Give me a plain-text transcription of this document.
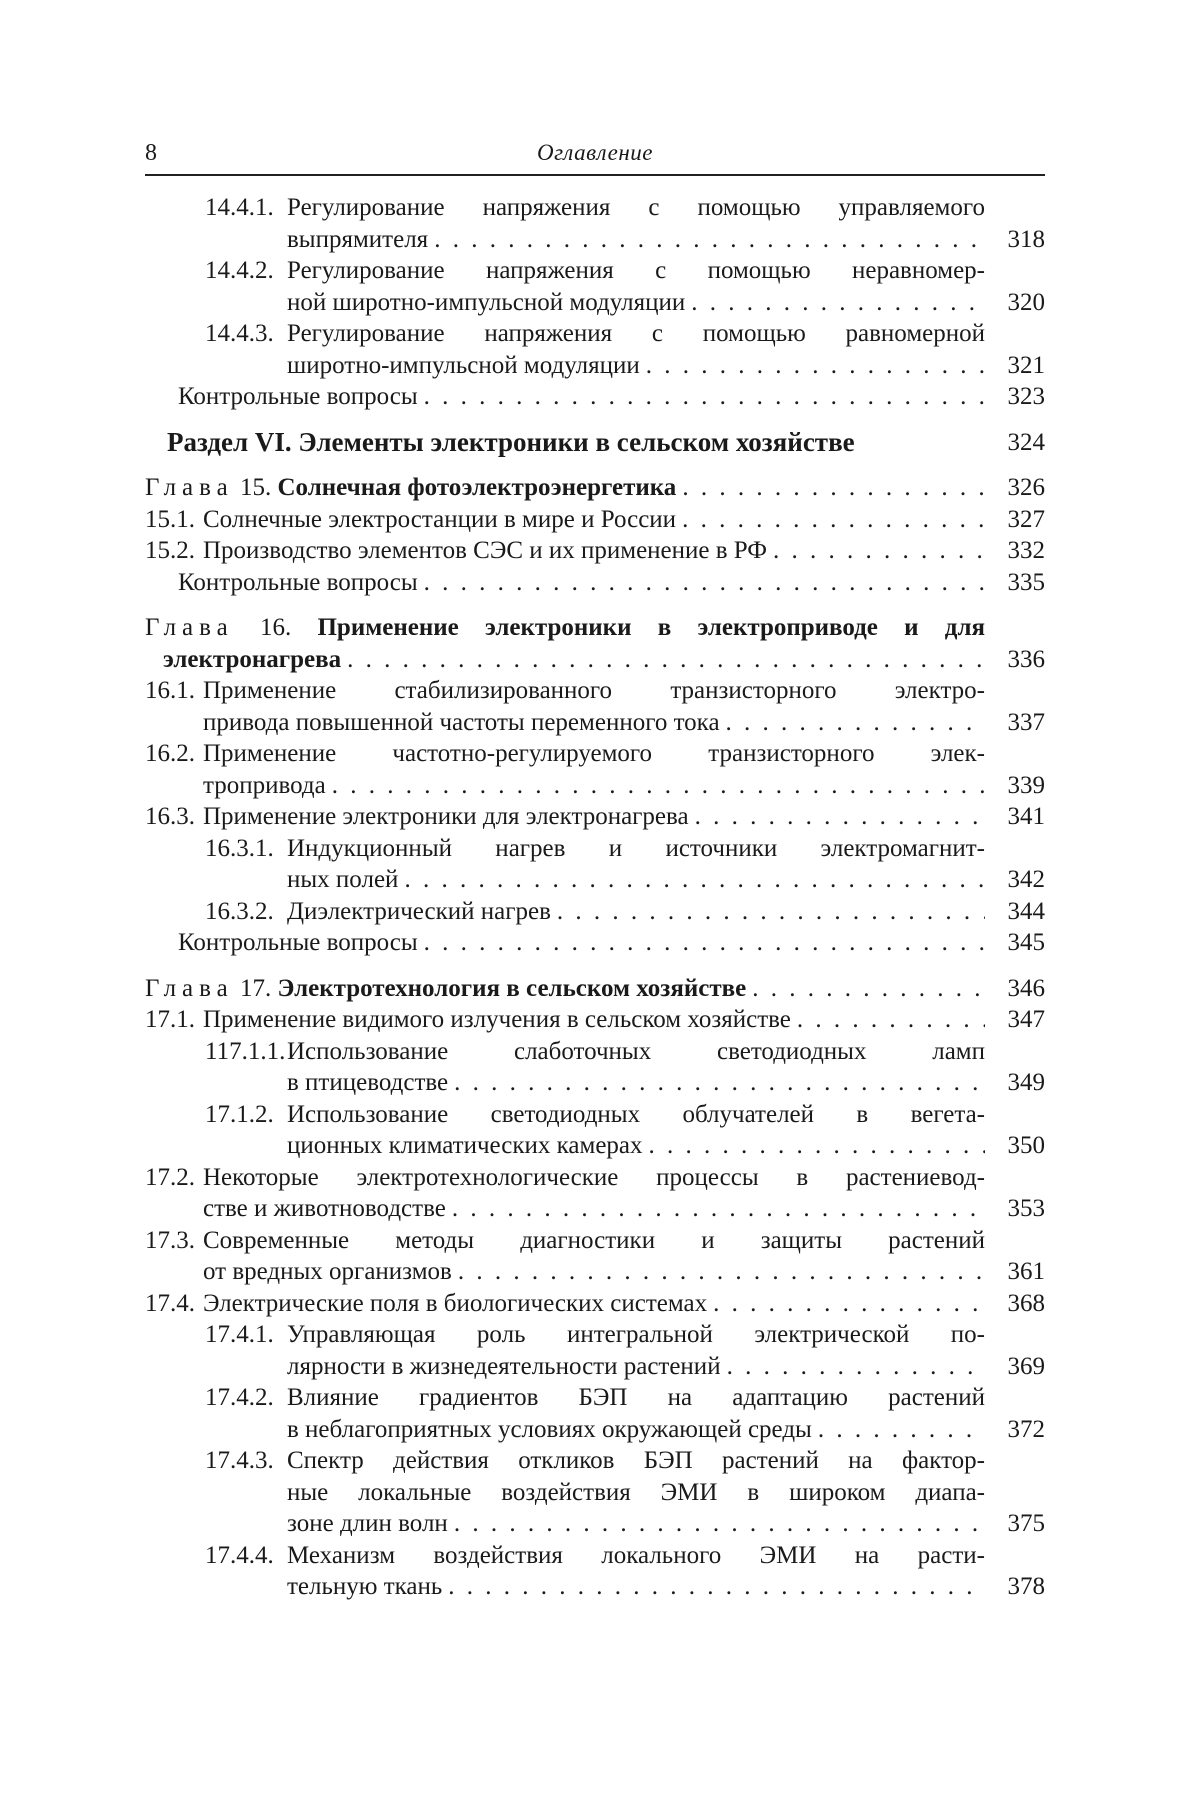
8	Оглавление
14.4.1. Регулирование напряжения с помощью управляемого
выпрямителя . . .	318
14.4.2. Регулирование напряжения с помощью неравномер-
ной широтно-импульсной модуляции . . .	320
14.4.3. Регулирование напряжения с помощью равномерной
широтно-импульсной модуляции . . .	321
Контрольные вопросы . . .	323
Раздел VI. Элементы электроники в сельском хозяйстве	324
Глава 15. Солнечная фотоэлектроэнергетика . . .	326
15.1. Солнечные электростанции в мире и России . . .	327
15.2. Производство элементов СЭС и их применение в РФ . . .	332
Контрольные вопросы . . .	335
Глава 16. Применение электроники в электроприводе и для
электронагрева . . .	336
16.1. Применение стабилизированного транзисторного электро-
привода повышенной частоты переменного тока . . .	337
16.2. Применение частотно-регулируемого транзисторного элек-
тропривода . . .	339
16.3. Применение электроники для электронагрева . . .	341
16.3.1. Индукционный нагрев и источники электромагнит-
ных полей . . .	342
16.3.2. Диэлектрический нагрев . . .	344
Контрольные вопросы . . .	345
Глава 17. Электротехнология в сельском хозяйстве . . .	346
17.1. Применение видимого излучения в сельском хозяйстве . . .	347
117.1.1. Использование слаботочных светодиодных ламп
в птицеводстве . . .	349
17.1.2. Использование светодиодных облучателей в вегета-
ционных климатических камерах . . .	350
17.2. Некоторые электротехнологические процессы в растениевод-
стве и животноводстве . . .	353
17.3. Современные методы диагностики и защиты растений
от вредных организмов . . .	361
17.4. Электрические поля в биологических системах . . .	368
17.4.1. Управляющая роль интегральной электрической по-
лярности в жизнедеятельности растений . . .	369
17.4.2. Влияние градиентов БЭП на адаптацию растений
в неблагоприятных условиях окружающей среды . . .	372
17.4.3. Спектр действия откликов БЭП растений на фактор-
ные локальные воздействия ЭМИ в широком диапа-
зоне длин волн . . .	375
17.4.4. Механизм воздействия локального ЭМИ на расти-
тельную ткань . . .	378
